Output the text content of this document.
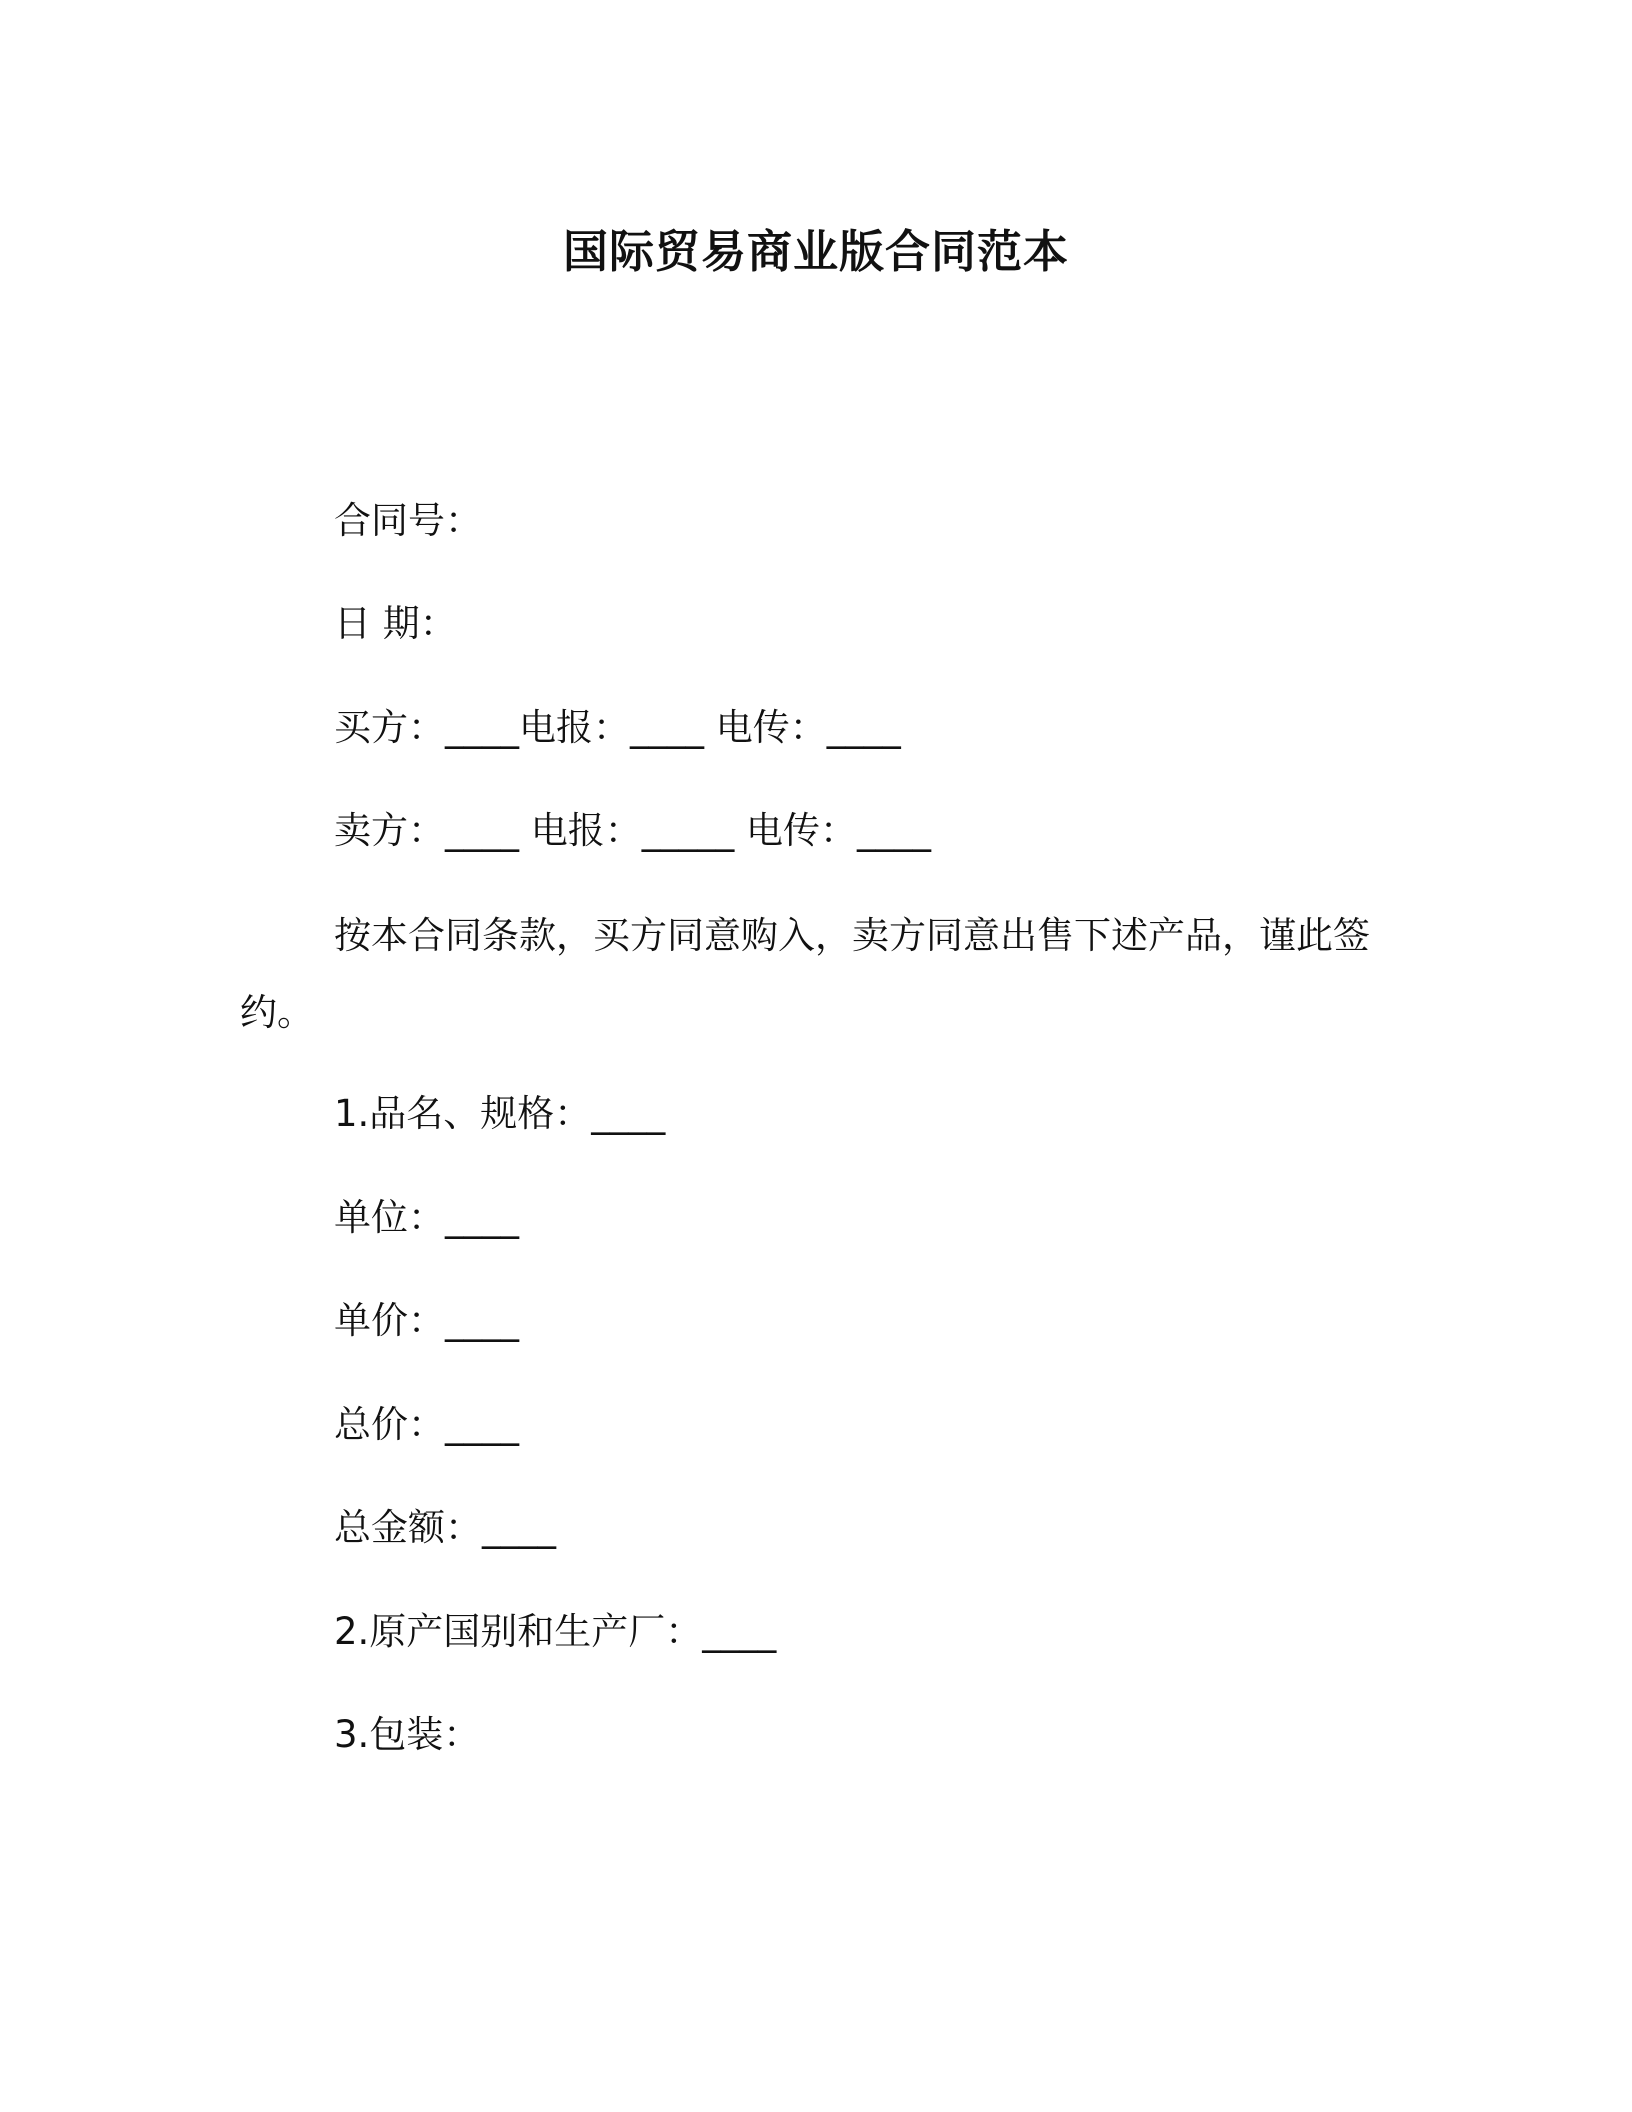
国际贸易商业版合同范本
合同号：
日 期：
买方：____电报：____ 电传：____
卖方：____ 电报：_____ 电传：____
按本合同条款，买方同意购入，卖方同意出售下述产品，谨此签约。
1.品名、规格：____
单位：____
单价：____
总价：____
总金额：____
2.原产国别和生产厂：____
3.包装：
